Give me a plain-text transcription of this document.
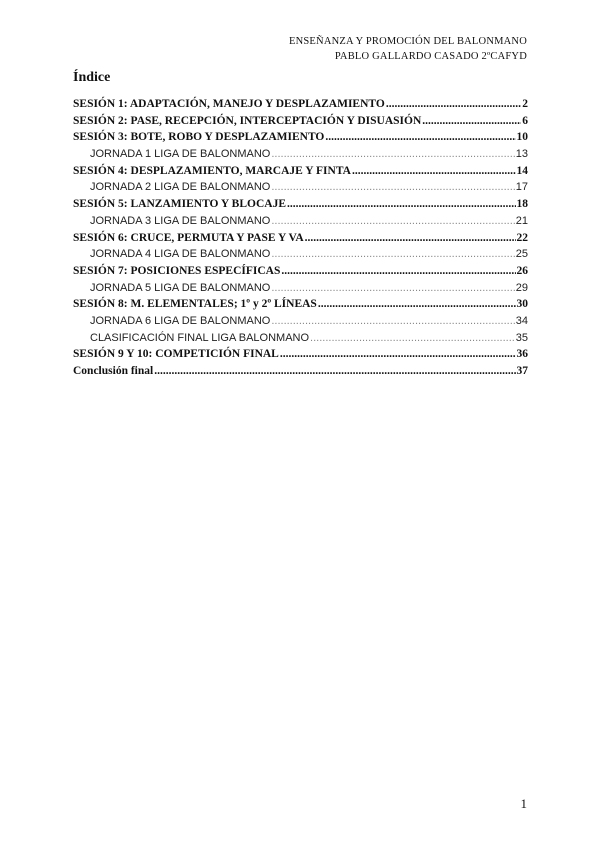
ENSEÑANZA Y PROMOCIÓN DEL BALONMANO
PABLO GALLARDO CASADO 2ºCAFYD
Índice
SESIÓN 1: ADAPTACIÓN, MANEJO Y DESPLAZAMIENTO .....	2
SESIÓN 2: PASE, RECEPCIÓN, INTERCEPTACIÓN Y DISUASIÓN .....	6
SESIÓN 3: BOTE, ROBO Y DESPLAZAMIENTO .....	10
JORNADA 1 LIGA DE BALONMANO .....	13
SESIÓN 4: DESPLAZAMIENTO, MARCAJE Y FINTA .....	14
JORNADA 2 LIGA DE BALONMANO .....	17
SESIÓN 5: LANZAMIENTO Y BLOCAJE .....	18
JORNADA 3 LIGA DE BALONMANO .....	21
SESIÓN 6: CRUCE, PERMUTA Y PASE Y VA .....	22
JORNADA 4 LIGA DE BALONMANO .....	25
SESIÓN 7: POSICIONES ESPECÍFICAS .....	26
JORNADA 5 LIGA DE BALONMANO .....	29
SESIÓN 8: M. ELEMENTALES; 1º y 2º LÍNEAS .....	30
JORNADA 6 LIGA DE BALONMANO .....	34
CLASIFICACIÓN FINAL LIGA BALONMANO .....	35
SESIÓN 9 Y 10: COMPETICIÓN FINAL .....	36
Conclusión final .....	37
1
